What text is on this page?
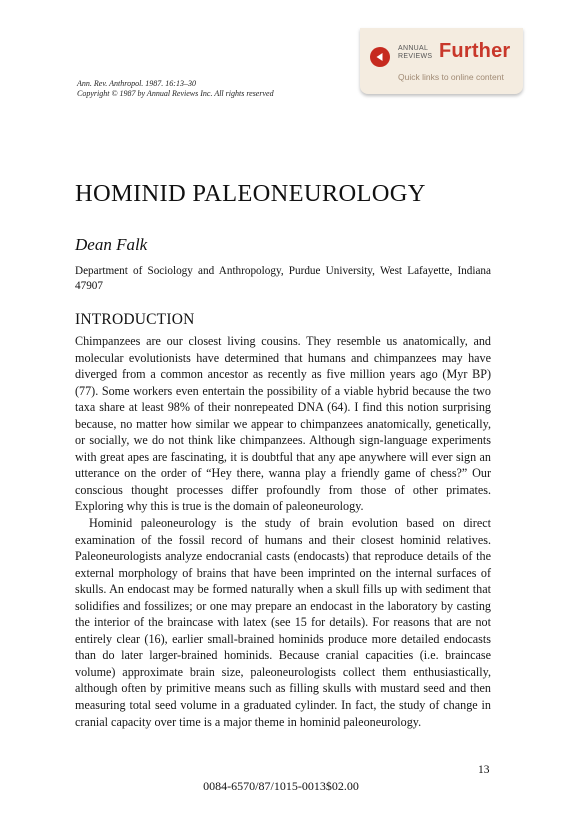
ANNUAL
REVIEWS Further
Quick links to online content
Ann. Rev. Anthropol. 1987. 16:13–30
Copyright © 1987 by Annual Reviews Inc. All rights reserved
HOMINID PALEONEUROLOGY
Dean Falk
Department of Sociology and Anthropology, Purdue University, West Lafayette, Indiana 47907
INTRODUCTION

Chimpanzees are our closest living cousins. They resemble us anatomically, and molecular evolutionists have determined that humans and chimpanzees may have diverged from a common ancestor as recently as five million years ago (Myr BP) (77). Some workers even entertain the possibility of a viable hybrid because the two taxa share at least 98% of their nonrepeated DNA (64). I find this notion surprising because, no matter how similar we appear to chimpanzees anatomically, genetically, or socially, we do not think like chimpanzees. Although sign-language experiments with great apes are fascinating, it is doubtful that any ape anywhere will ever sign an utterance on the order of “Hey there, wanna play a friendly game of chess?” Our conscious thought processes differ profoundly from those of other primates. Exploring why this is true is the domain of paleoneurology.

Hominid paleoneurology is the study of brain evolution based on direct examination of the fossil record of humans and their closest hominid relatives. Paleoneurologists analyze endocranial casts (endocasts) that reproduce details of the external morphology of brains that have been imprinted on the internal surfaces of skulls. An endocast may be formed naturally when a skull fills up with sediment that solidifies and fossilizes; or one may prepare an endocast in the laboratory by casting the interior of the braincase with latex (see 15 for details). For reasons that are not entirely clear (16), earlier small-brained hominids produce more detailed endocasts than do later larger-brained hominids. Because cranial capacities (i.e. braincase volume) approximate brain size, paleoneurologists collect them enthusiastically, although often by primitive means such as filling skulls with mustard seed and then measuring total seed volume in a graduated cylinder. In fact, the study of change in cranial capacity over time is a major theme in hominid paleoneurology.

13
0084-6570/87/1015-0013$02.00
